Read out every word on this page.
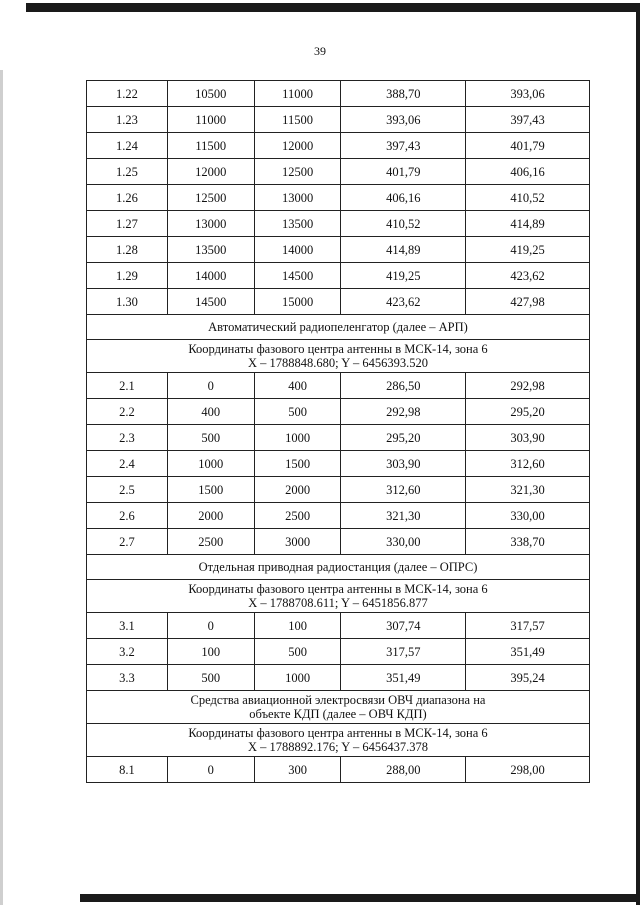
39
1.22	10500	11000	388,70	393,06
1.23	11000	11500	393,06	397,43
1.24	11500	12000	397,43	401,79
1.25	12000	12500	401,79	406,16
1.26	12500	13000	406,16	410,52
1.27	13000	13500	410,52	414,89
1.28	13500	14000	414,89	419,25
1.29	14000	14500	419,25	423,62
1.30	14500	15000	423,62	427,98

Автоматический радиопеленгатор (далее – АРП)				

Координаты фазового центра антенны в МСК-14, зона 6
X – 1788848.680; Y – 6456393.520				

2.1	0	400	286,50	292,98
2.2	400	500	292,98	295,20
2.3	500	1000	295,20	303,90
2.4	1000	1500	303,90	312,60
2.5	1500	2000	312,60	321,30
2.6	2000	2500	321,30	330,00
2.7	2500	3000	330,00	338,70

Отдельная приводная радиостанция (далее – ОПРС)				

Координаты фазового центра антенны в МСК-14, зона 6
X – 1788708.611; Y – 6451856.877				

3.1	0	100	307,74	317,57
3.2	100	500	317,57	351,49
3.3	500	1000	351,49	395,24

Средства авиационной электросвязи ОВЧ диапазона на
объекте КДП (далее – ОВЧ КДП)				

Координаты фазового центра антенны в МСК-14, зона 6
X – 1788892.176; Y – 6456437.378				

8.1	0	300	288,00	298,00
